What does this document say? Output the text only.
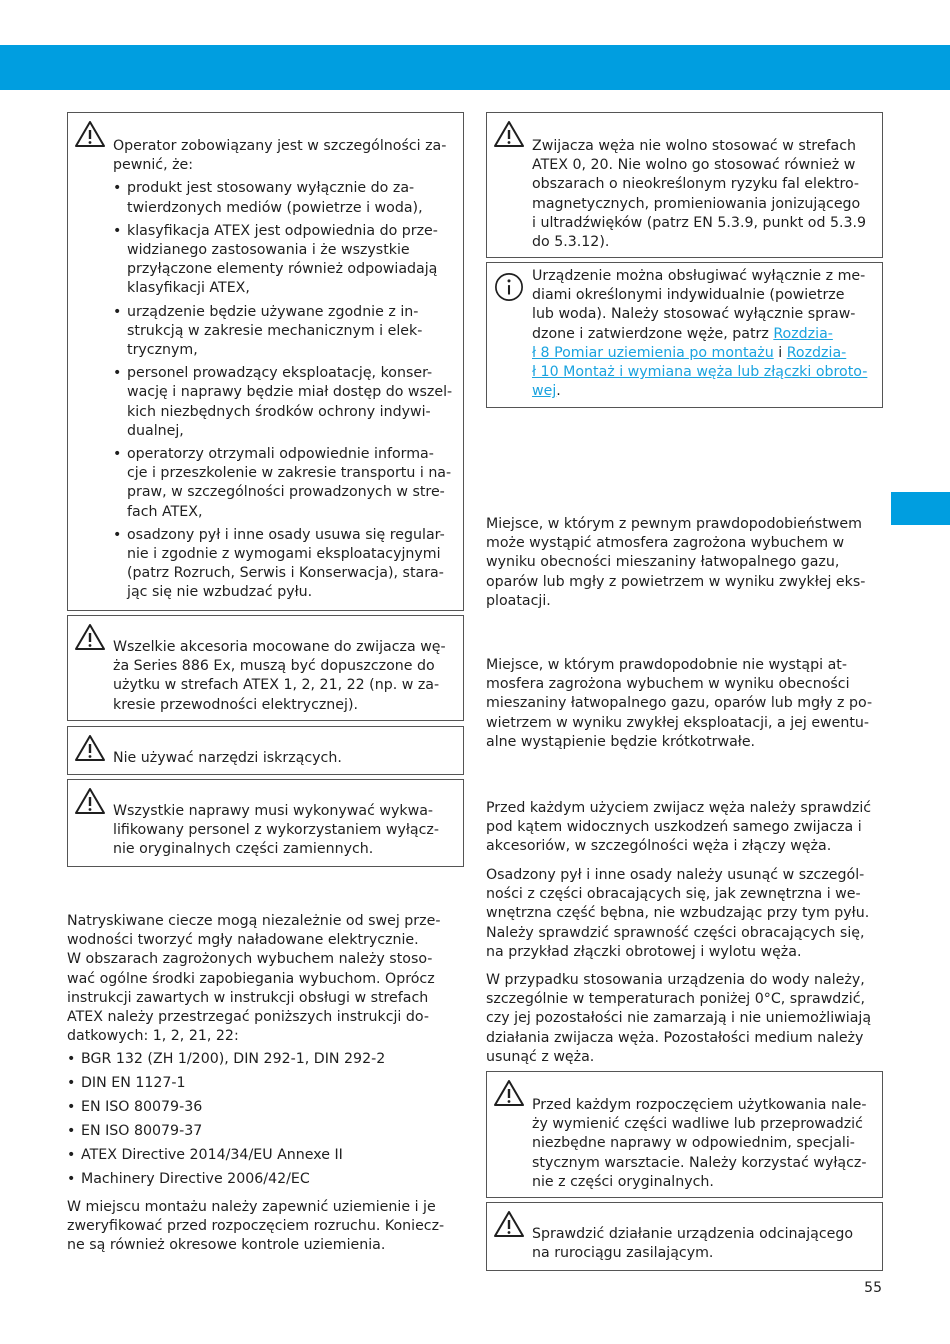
Operator zobowiązany jest w szczególności za-
pewnić, że:
• produkt jest stosowany wyłącznie do za-
twierdzonych mediów (powietrze i woda),
• klasyfikacja ATEX jest odpowiednia do prze-
widzianego zastosowania i że wszystkie
przyłączone elementy również odpowiadają
klasyfikacji ATEX,
• urządzenie będzie używane zgodnie z in-
strukcją w zakresie mechanicznym i elek-
trycznym,
• personel prowadzący eksploatację, konser-
wację i naprawy będzie miał dostęp do wszel-
kich niezbędnych środków ochrony indywi-
dualnej,
• operatorzy otrzymali odpowiednie informa-
cje i przeszkolenie w zakresie transportu i na-
praw, w szczególności prowadzonych w stre-
fach ATEX,
• osadzony pył i inne osady usuwa się regular-
nie i zgodnie z wymogami eksploatacyjnymi
(patrz Rozruch, Serwis i Konserwacja), stara-
jąc się nie wzbudzać pyłu.
Wszelkie akcesoria mocowane do zwijacza wę-
ża Series 886 Ex, muszą być dopuszczone do
użytku w strefach ATEX 1, 2, 21, 22 (np. w za-
kresie przewodności elektrycznej).
Nie używać narzędzi iskrzących.
Wszystkie naprawy musi wykonywać wykwa-
lifikowany personel z wykorzystaniem wyłącz-
nie oryginalnych części zamiennych.
Natryskiwane ciecze mogą niezależnie od swej prze-
wodności tworzyć mgły naładowane elektrycznie.
W obszarach zagrożonych wybuchem należy stoso-
wać ogólne środki zapobiegania wybuchom. Oprócz
instrukcji zawartych w instrukcji obsługi w strefach
ATEX należy przestrzegać poniższych instrukcji do-
datkowych: 1, 2, 21, 22:
• BGR 132 (ZH 1/200), DIN 292-1, DIN 292-2
• DIN EN 1127-1
• EN ISO 80079-36
• EN ISO 80079-37
• ATEX Directive 2014/34/EU Annexe II
• Machinery Directive 2006/42/EC
W miejscu montażu należy zapewnić uziemienie i je
zweryfikować przed rozpoczęciem rozruchu. Koniecz-
ne są również okresowe kontrole uziemienia.
Zwijacza węża nie wolno stosować w strefach
ATEX 0, 20. Nie wolno go stosować również w
obszarach o nieokreślonym ryzyku fal elektro-
magnetycznych, promieniowania jonizującego
i ultradźwięków (patrz EN 5.3.9, punkt od 5.3.9
do 5.3.12).
Urządzenie można obsługiwać wyłącznie z me-
diami określonymi indywidualnie (powietrze
lub woda). Należy stosować wyłącznie spraw-
dzone i zatwierdzone węże, patrz Rozdzia-
ł 8 Pomiar uziemienia po montażu i Rozdzia-
ł 10 Montaż i wymiana węża lub złączki obroto-
wej.
Miejsce, w którym z pewnym prawdopodobieństwem
może wystąpić atmosfera zagrożona wybuchem w
wyniku obecności mieszaniny łatwopalnego gazu,
oparów lub mgły z powietrzem w wyniku zwykłej eks-
ploatacji.
Miejsce, w którym prawdopodobnie nie wystąpi at-
mosfera zagrożona wybuchem w wyniku obecności
mieszaniny łatwopalnego gazu, oparów lub mgły z po-
wietrzem w wyniku zwykłej eksploatacji, a jej ewentu-
alne wystąpienie będzie krótkotrwałe.
Przed każdym użyciem zwijacz węża należy sprawdzić
pod kątem widocznych uszkodzeń samego zwijacza i
akcesoriów, w szczególności węża i złączy węża.
Osadzony pył i inne osady należy usunąć w szczegól-
ności z części obracających się, jak zewnętrzna i we-
wnętrzna część bębna, nie wzbudzając przy tym pyłu.
Należy sprawdzić sprawność części obracających się,
na przykład złączki obrotowej i wylotu węża.
W przypadku stosowania urządzenia do wody należy,
szczególnie w temperaturach poniżej 0°C, sprawdzić,
czy jej pozostałości nie zamarzają i nie uniemożliwiają
działania zwijacza węża. Pozostałości medium należy
usunąć z węża.
Przed każdym rozpoczęciem użytkowania nale-
ży wymienić części wadliwe lub przeprowadzić
niezbędne naprawy w odpowiednim, specjali-
stycznym warsztacie. Należy korzystać wyłącz-
nie z części oryginalnych.
Sprawdzić działanie urządzenia odcinającego
na rurociągu zasilającym.
55
